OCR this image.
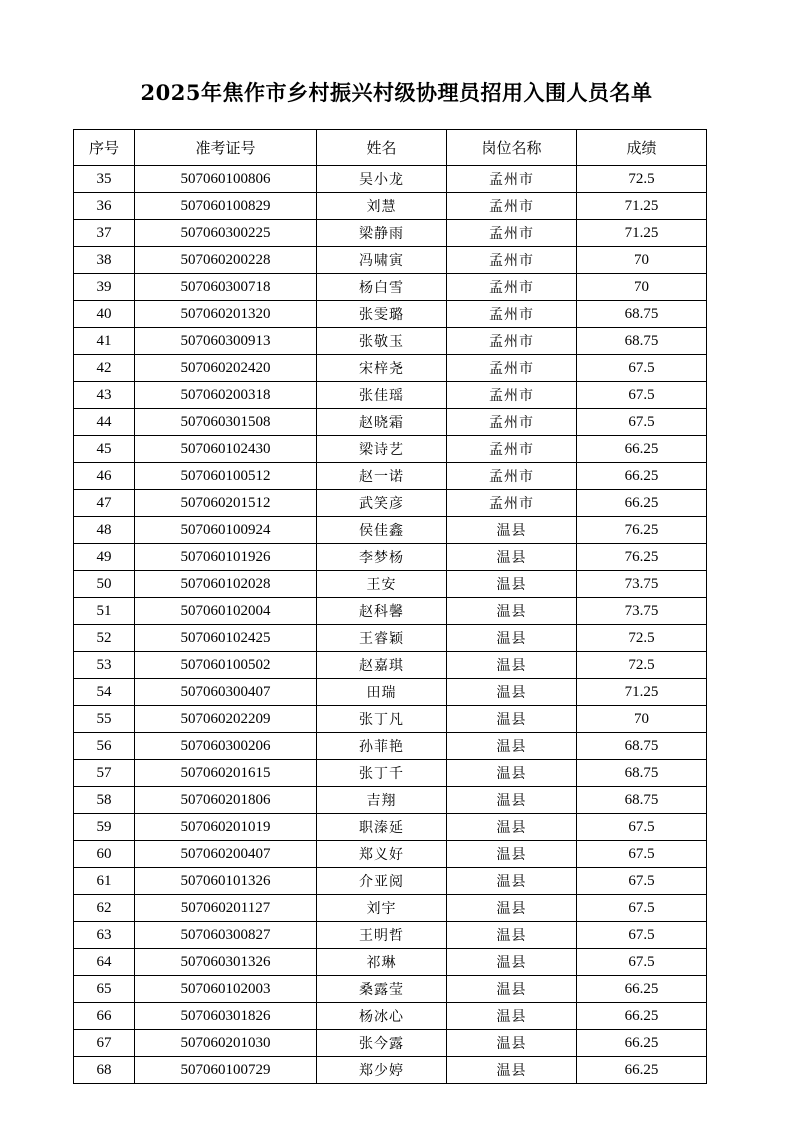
2025年焦作市乡村振兴村级协理员招用入围人员名单
序号	准考证号	姓名	岗位名称	成绩
35	507060100806	吴小龙	孟州市	72.5
36	507060100829	刘慧	孟州市	71.25
37	507060300225	梁静雨	孟州市	71.25
38	507060200228	冯啸寅	孟州市	70
39	507060300718	杨白雪	孟州市	70
40	507060201320	张雯璐	孟州市	68.75
41	507060300913	张敬玉	孟州市	68.75
42	507060202420	宋梓尧	孟州市	67.5
43	507060200318	张佳瑶	孟州市	67.5
44	507060301508	赵晓霜	孟州市	67.5
45	507060102430	梁诗艺	孟州市	66.25
46	507060100512	赵一诺	孟州市	66.25
47	507060201512	武笑彦	孟州市	66.25
48	507060100924	侯佳鑫	温县	76.25
49	507060101926	李梦杨	温县	76.25
50	507060102028	王安	温县	73.75
51	507060102004	赵科馨	温县	73.75
52	507060102425	王睿颖	温县	72.5
53	507060100502	赵嘉琪	温县	72.5
54	507060300407	田瑞	温县	71.25
55	507060202209	张丁凡	温县	70
56	507060300206	孙菲艳	温县	68.75
57	507060201615	张丁千	温县	68.75
58	507060201806	吉翔	温县	68.75
59	507060201019	职溱延	温县	67.5
60	507060200407	郑义好	温县	67.5
61	507060101326	介亚阅	温县	67.5
62	507060201127	刘宇	温县	67.5
63	507060300827	王明哲	温县	67.5
64	507060301326	祁琳	温县	67.5
65	507060102003	桑露莹	温县	66.25
66	507060301826	杨冰心	温县	66.25
67	507060201030	张今露	温县	66.25
68	507060100729	郑少婷	温县	66.25
